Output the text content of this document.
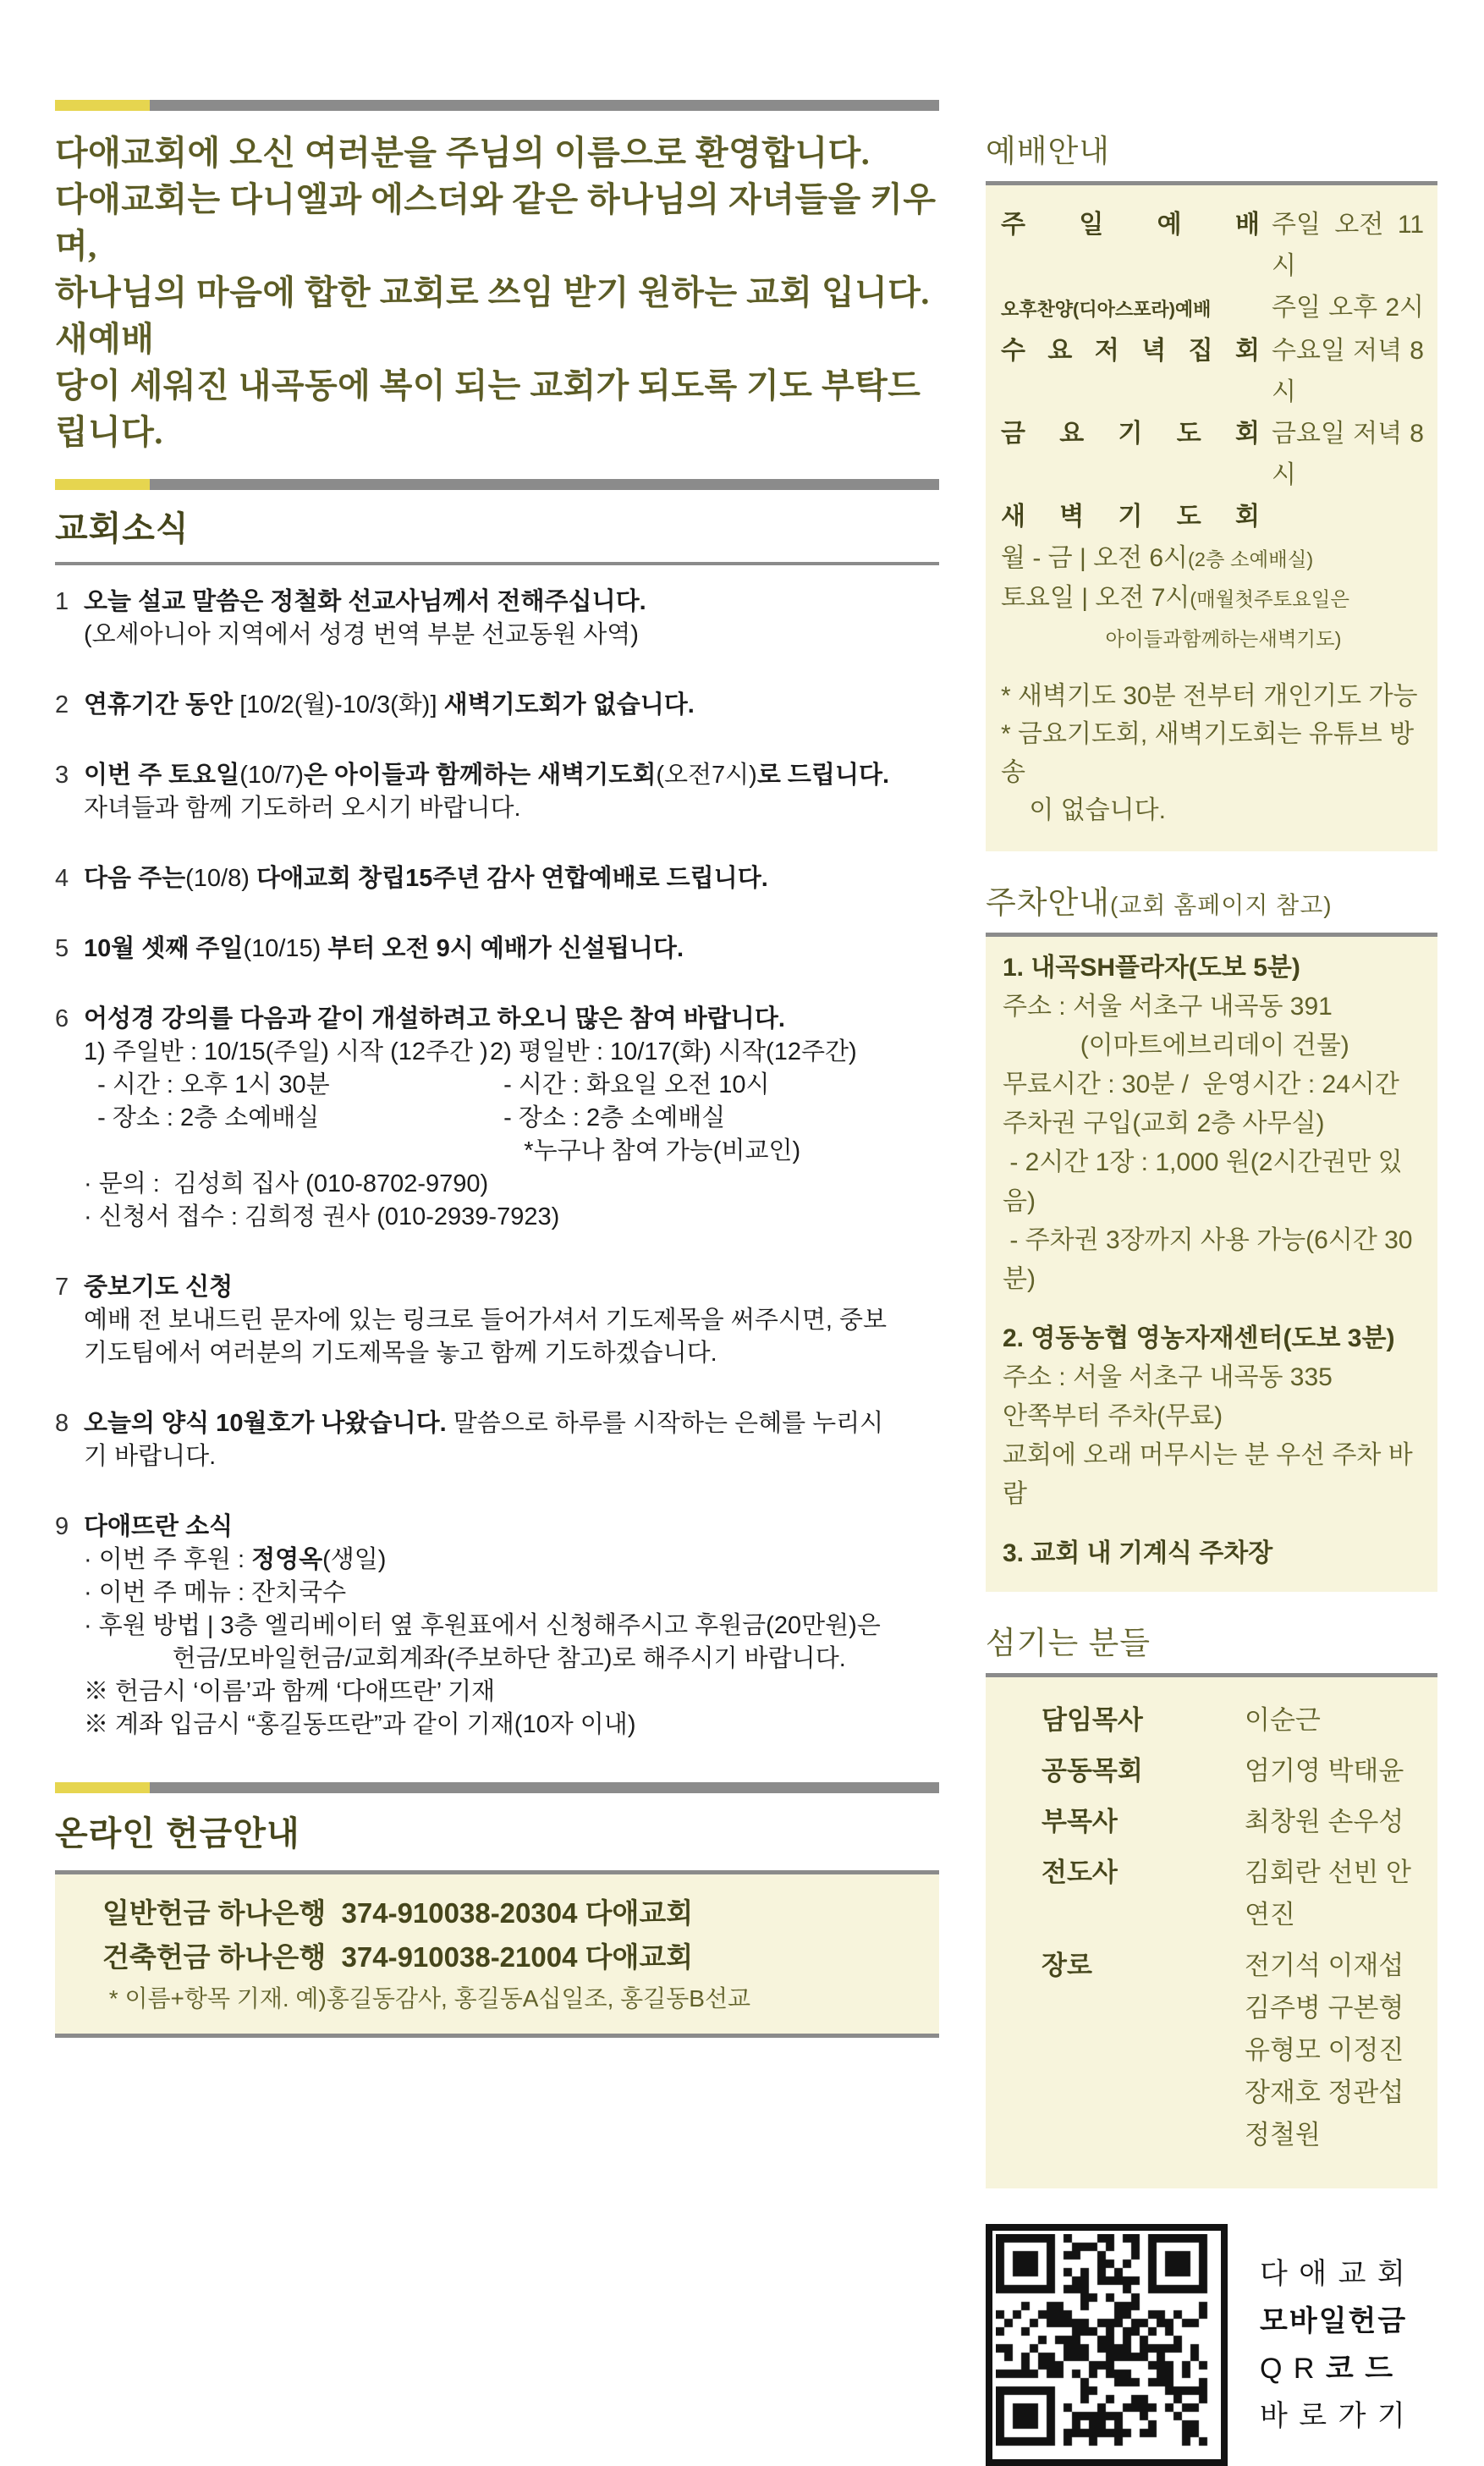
다애교회에 오신 여러분을 주님의 이름으로 환영합니다.
다애교회는 다니엘과 에스더와 같은 하나님의 자녀들을 키우며,
하나님의 마음에 합한 교회로 쓰임 받기 원하는 교회 입니다. 새예배
당이 세워진 내곡동에 복이 되는 교회가 되도록 기도 부탁드립니다.
교회소식
1 오늘 설교 말씀은 정철화 선교사님께서 전해주십니다.
(오세아니아 지역에서 성경 번역 부분 선교동원 사역)
2 연휴기간 동안 [10/2(월)-10/3(화)] 새벽기도회가 없습니다.
3 이번 주 토요일(10/7)은 아이들과 함께하는 새벽기도회(오전7시)로 드립니다.
자녀들과 함께 기도하러 오시기 바랍니다.
4 다음 주는(10/8) 다애교회 창립15주년 감사 연합예배로 드립니다.
5 10월 셋째 주일(10/15) 부터 오전 9시 예배가 신설됩니다.
6 어성경 강의를 다음과 같이 개설하려고 하오니 많은 참여 바랍니다.
1) 주일반 : 10/15(주일) 시작 (12주간 )
- 시간 : 오후 1시 30분
- 장소 : 2층 소예배실
2) 평일반 : 10/17(화) 시작(12주간)
- 시간 : 화요일 오전 10시
- 장소 : 2층 소예배실
*누구나 참여 가능(비교인)
· 문의 :  김성희 집사 (010-8702-9790)
· 신청서 접수 : 김희정 권사 (010-2939-7923)
7 중보기도 신청
예배 전 보내드린 문자에 있는 링크로 들어가셔서 기도제목을 써주시면, 중보
기도팀에서 여러분의 기도제목을 놓고 함께 기도하겠습니다.
8 오늘의 양식 10월호가 나왔습니다. 말씀으로 하루를 시작하는 은혜를 누리시
기 바랍니다.
9 다애뜨란 소식
· 이번 주 후원 : 정영옥(생일)
· 이번 주 메뉴 : 잔치국수
· 후원 방법 | 3층 엘리베이터 옆 후원표에서 신청해주시고 후원금(20만원)은
헌금/모바일헌금/교회계좌(주보하단 참고)로 해주시기 바랍니다.
※ 헌금시 ‘이름’과 함께 ‘다애뜨란’ 기재
※ 계좌 입금시 “홍길동뜨란”과 같이 기재(10자 이내)
온라인 헌금안내
일반헌금 하나은행  374-910038-20304 다애교회
건축헌금 하나은행  374-910038-21004 다애교회
* 이름+항목 기재. 예)홍길동감사, 홍길동A십일조, 홍길동B선교
예배안내
주 일 예 배 주일 오전 11시
오후찬양(디아스포라)예배	주일 오후 2시
수 요 저 녁 집 회 수요일 저녁 8시
금 요 기 도 회 금요일 저녁 8시
새 벽 기 도 회
월 - 금 | 오전 6시(2층 소예배실)
토요일 | 오전 7시(매월첫주토요일은
아이들과함께하는새벽기도)
* 새벽기도 30분 전부터 개인기도 가능
* 금요기도회, 새벽기도회는 유튜브 방송
이 없습니다.
주차안내(교회 홈페이지 참고)
1. 내곡SH플라자(도보 5분)
주소 : 서울 서초구 내곡동 391
(이마트에브리데이 건물)
무료시간 : 30분 /  운영시간 : 24시간
주차권 구입(교회 2층 사무실)
- 2시간 1장 : 1,000 원(2시간권만 있음)
- 주차권 3장까지 사용 가능(6시간 30분)
2. 영동농협 영농자재센터(도보 3분)
주소 : 서울 서초구 내곡동 335
안쪽부터 주차(무료)
교회에 오래 머무시는 분 우선 주차 바람
3. 교회 내 기계식 주차장
섬기는 분들
담임목사	이순근
공동목회	엄기영 박태윤
부목사	최창원 손우성
전도사	김회란 선빈 안연진
장로	전기석 이재섭
김주병 구본형
유형모 이정진
장재호 정관섭
정철원
다 애 교 회
모바일헌금
Q R 코 드
바 로 가 기
